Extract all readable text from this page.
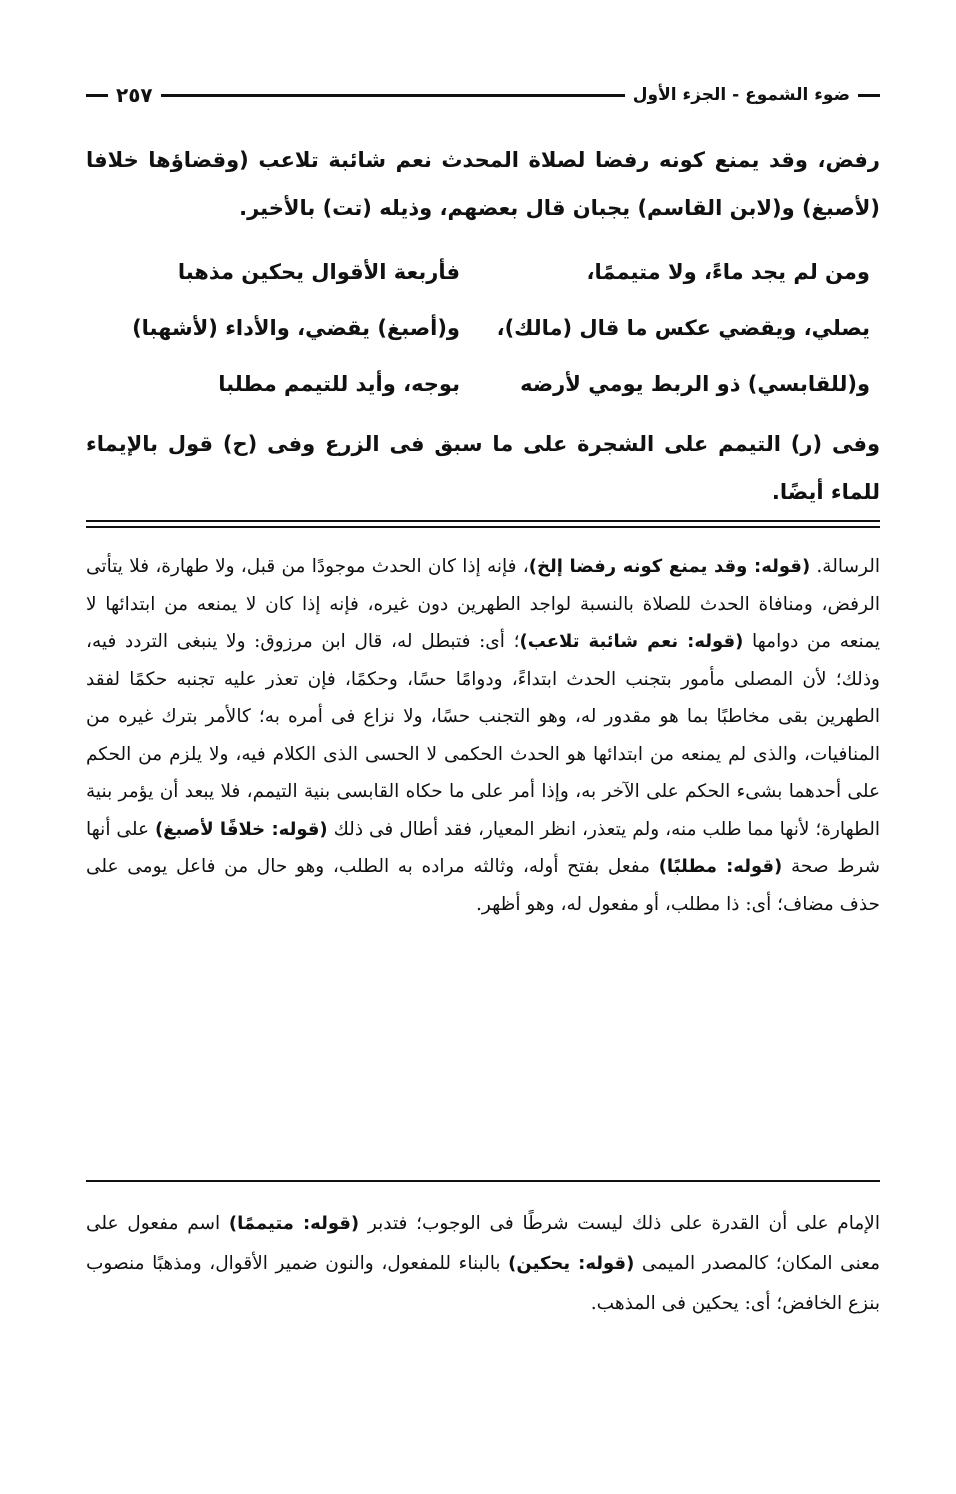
ضوء الشموع - الجزء الأول
٢٥٧

رفض، وقد يمنع كونه رفضا لصلاة المحدث نعم شائبة تلاعب (وقضاؤها خلافا (لأصبغ) و(لابن القاسم) يجبان قال بعضهم، وذيله (تت) بالأخير.

ومن لم يجد ماءً، ولا متيممًا،
فأربعة الأقوال يحكين مذهبا
يصلي، ويقضي عكس ما قال (مالك)،
و(أصبغ) يقضي، والأداء (لأشهبا)
و(للقابسي) ذو الربط يومي لأرضه
بوجه، وأيد للتيمم مطلبا
وفى (ر) التيمم على الشجرة على ما سبق فى الزرع وفى (ح) قول بالإيماء للماء أيضًا.
الرسالة. (قوله: وقد يمنع كونه رفضا إلخ)، فإنه إذا كان الحدث موجودًا من قبل، ولا طهارة، فلا يتأتى الرفض، ومنافاة الحدث للصلاة بالنسبة لواجد الطهرين دون غيره، فإنه إذا كان لا يمنعه من ابتدائها لا يمنعه من دوامها (قوله: نعم شائبة تلاعب)؛ أى: فتبطل له، قال ابن مرزوق: ولا ينبغى التردد فيه، وذلك؛ لأن المصلى مأمور بتجنب الحدث ابتداءً، ودوامًا حسًا، وحكمًا، فإن تعذر عليه تجنبه حكمًا لفقد الطهرين بقى مخاطبًا بما هو مقدور له، وهو التجنب حسًا، ولا نزاع فى أمره به؛ كالأمر بترك غيره من المنافيات، والذى لم يمنعه من ابتدائها هو الحدث الحكمى لا الحسى الذى الكلام فيه، ولا يلزم من الحكم على أحدهما بشىء الحكم على الآخر به، وإذا أمر على ما حكاه القابسى بنية التيمم، فلا يبعد أن يؤمر بنية الطهارة؛ لأنها مما طلب منه، ولم يتعذر، انظر المعيار، فقد أطال فى ذلك (قوله: خلافًا لأصبغ) على أنها شرط صحة (قوله: مطلبًا) مفعل بفتح أوله، وثالثه مراده به الطلب، وهو حال من فاعل يومى على حذف مضاف؛ أى: ذا مطلب، أو مفعول له، وهو أظهر.
الإمام على أن القدرة على ذلك ليست شرطًا فى الوجوب؛ فتدبر (قوله: متيممًا) اسم مفعول على معنى المكان؛ كالمصدر الميمى (قوله: يحكين) بالبناء للمفعول، والنون ضمير الأقوال، ومذهبًا منصوب بنزع الخافض؛ أى: يحكين فى المذهب.
